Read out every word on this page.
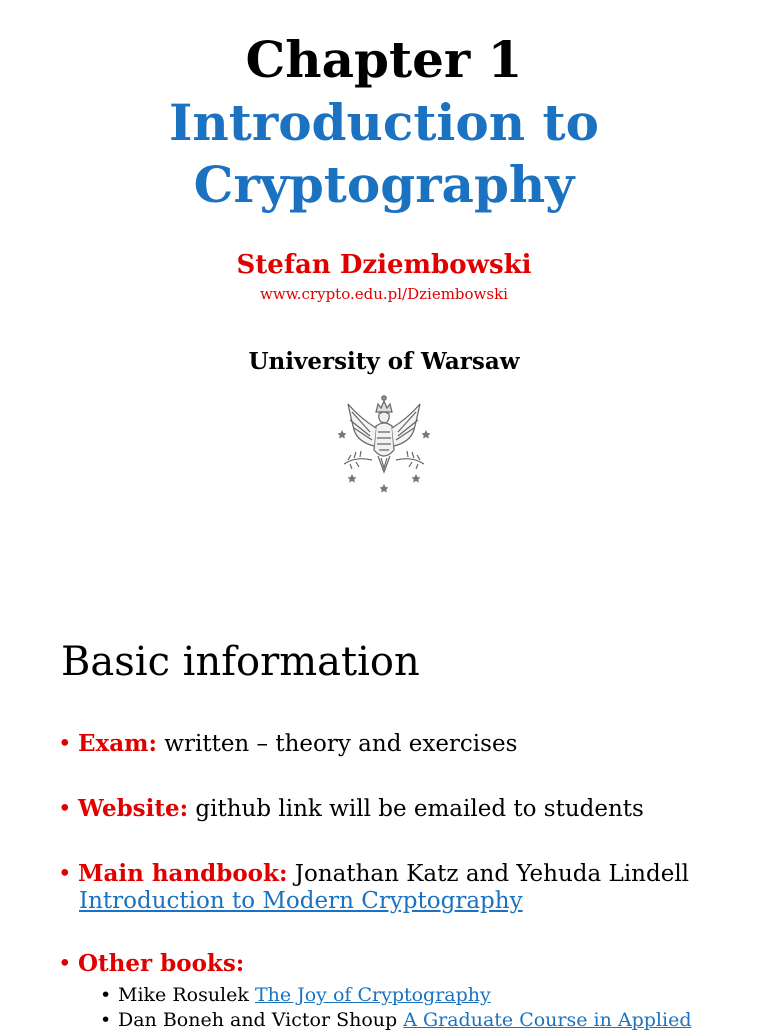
Chapter 1
Introduction to
Cryptography
Stefan Dziembowski
www.crypto.edu.pl/Dziembowski
University of Warsaw
Basic information
• Exam: written – theory and exercises
• Website: github link will be emailed to students
• Main handbook: Jonathan Katz and Yehuda Lindell
Introduction to Modern Cryptography
• Other books:
• Mike Rosulek The Joy of Cryptography
• Dan Boneh and Victor Shoup A Graduate Course in Applied
